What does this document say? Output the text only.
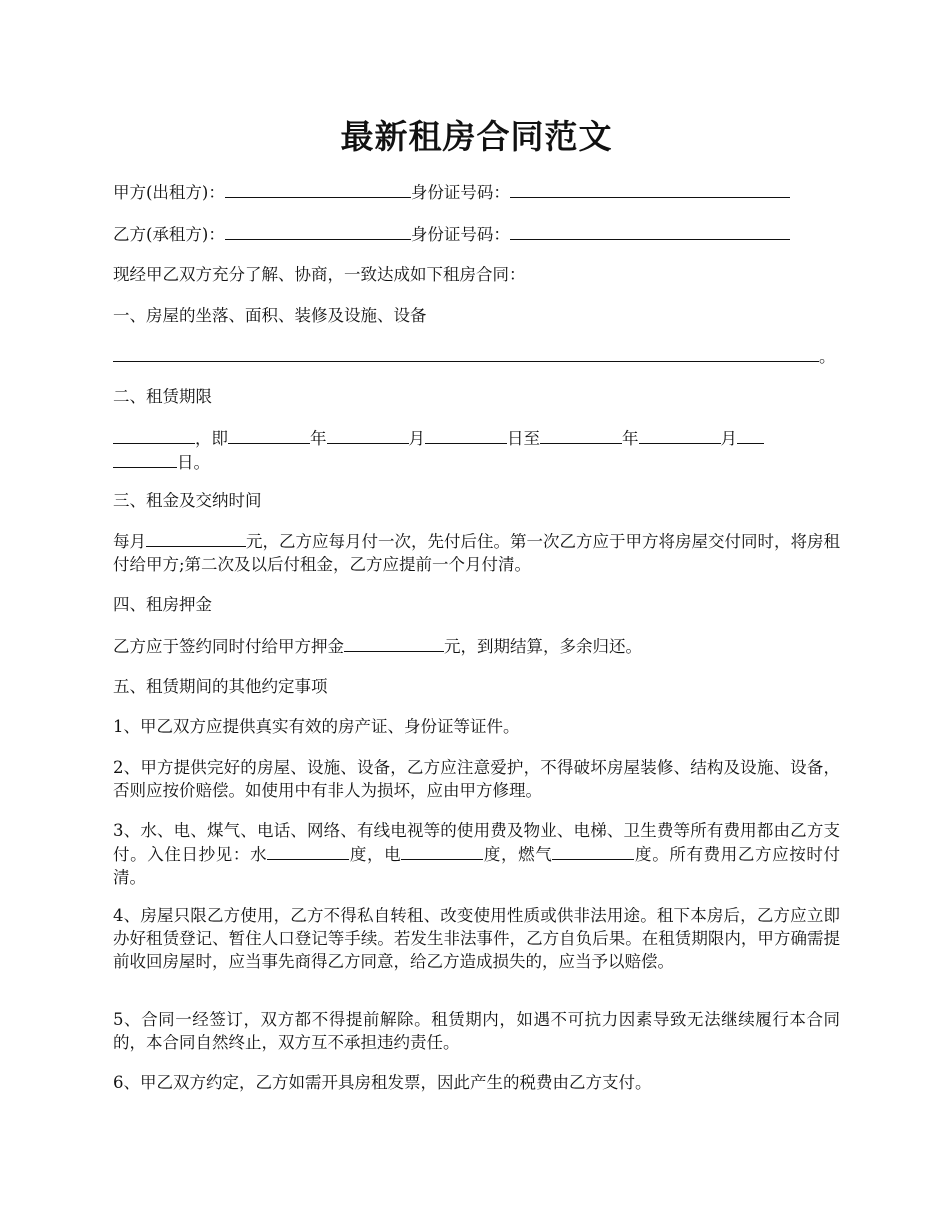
最新租房合同范文
甲方(出租方)：	身份证号码：
乙方(承租方)：	身份证号码：
现经甲乙双方充分了解、协商，一致达成如下租房合同：
一、房屋的坐落、面积、装修及设施、设备
。
二、租赁期限
，即	年	月	日至	年	月
日。
三、租金及交纳时间
每月	元，乙方应每月付一次，先付后住。第一次乙方应于甲方将房屋交付同时，将房租付给甲方;第二次及以后付租金，乙方应提前一个月付清。
四、租房押金
乙方应于签约同时付给甲方押金	元，到期结算，多余归还。
五、租赁期间的其他约定事项
1、甲乙双方应提供真实有效的房产证、身份证等证件。
2、甲方提供完好的房屋、设施、设备，乙方应注意爱护，不得破坏房屋装修、结构及设施、设备，否则应按价赔偿。如使用中有非人为损坏，应由甲方修理。
3、水、电、煤气、电话、网络、有线电视等的使用费及物业、电梯、卫生费等所有费用都由乙方支付。入住日抄见：水	度，电	度，燃气	度。所有费用乙方应按时付清。
4、房屋只限乙方使用，乙方不得私自转租、改变使用性质或供非法用途。租下本房后，乙方应立即办好租赁登记、暂住人口登记等手续。若发生非法事件，乙方自负后果。在租赁期限内，甲方确需提前收回房屋时，应当事先商得乙方同意，给乙方造成损失的，应当予以赔偿。
5、合同一经签订，双方都不得提前解除。租赁期内，如遇不可抗力因素导致无法继续履行本合同的，本合同自然终止，双方互不承担违约责任。
6、甲乙双方约定，乙方如需开具房租发票，因此产生的税费由乙方支付。
